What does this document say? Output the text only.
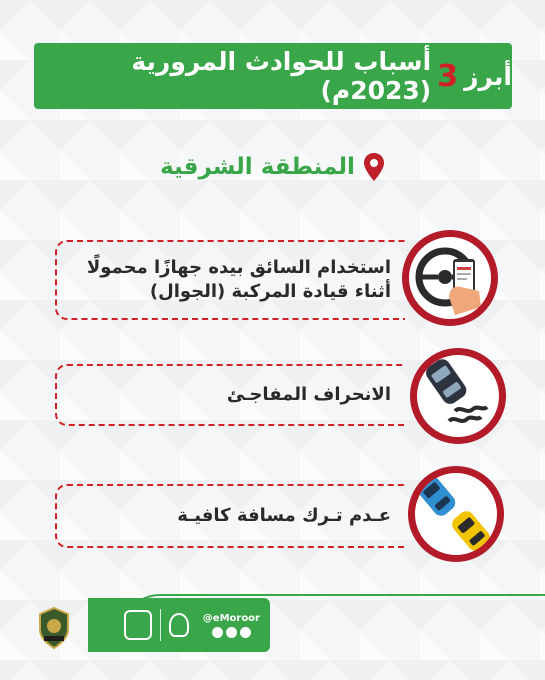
أبرز
3
أسباب للحوادث المرورية (2023م)
المنطقة الشرقية
استخدام السائق بيده جهازًا محمولًا
أثناء قيادة المركبة (الجوال)
الانحراف المفاجـئ
عـدم تـرك مسافة كافيـة
@eMoroor
